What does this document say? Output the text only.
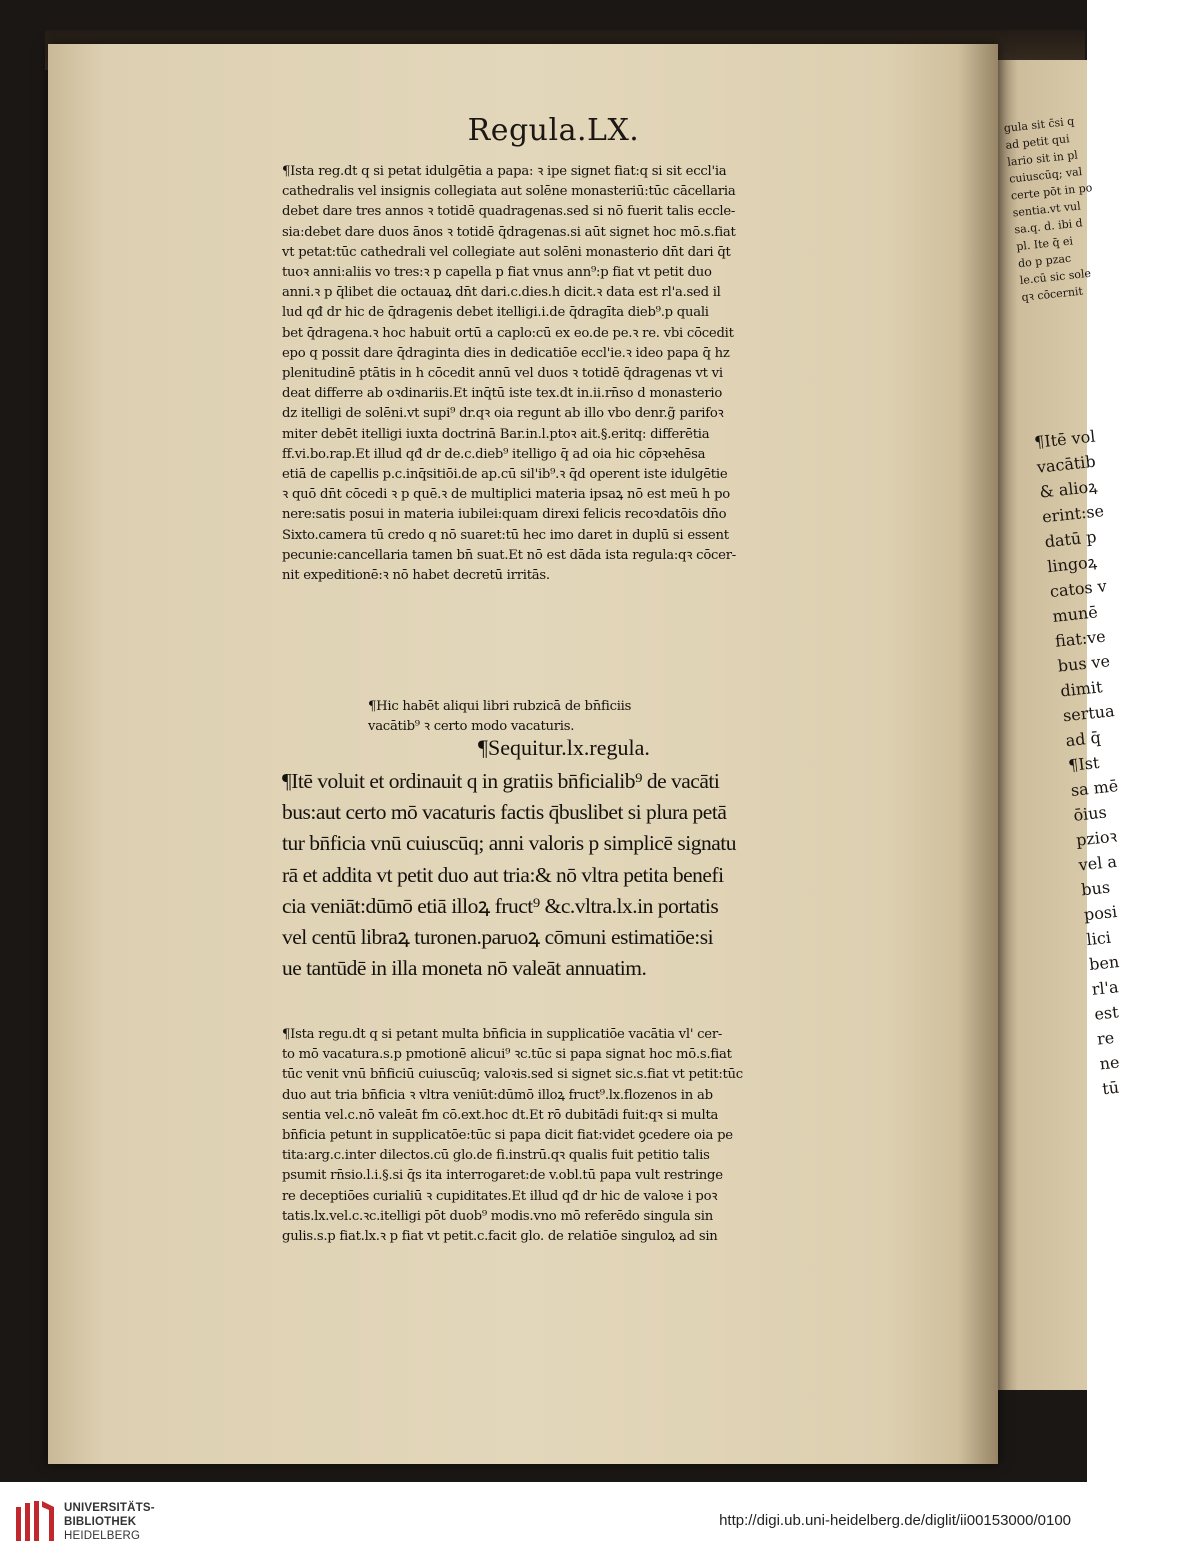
gula sit c̄si q
ad petit qui
lario sit in pl
cuiuscūq; val
certe pōt in po
sentia.vt vul
sa.q. d. ibi d
pl. Ite q̄ ei
do p pzac
le.cū sic sole
qꝛ cōcernit
¶Itē vol
vacātib
& alioꝝ
erint:se
datū p
lingoꝝ
catos v
munē
fiat:ve
bus ve
dimit
sertua
ad q̄
¶Ist
sa mē
ōius
pzioꝛ
vel a
bus
posi
lici
ben
rl'a
est
re
ne
tū
Regula.LX.
¶Ista reg.dt q si petat idulgētia a papa: ꝛ ipe signet fiat:q si sit eccl'ia
cathedralis vel insignis collegiata aut solēne monasteriū:tūc cācellaria
debet dare tres annos ꝛ totidē quadragenas.sed si nō fuerit talis eccle-
sia:debet dare duos ānos ꝛ totidē q̄dragenas.si aūt signet hoc mō.s.fiat
vt petat:tūc cathedrali vel collegiate aut solēni monasterio dn̄t dari q̄t
tuoꝛ anni:aliis vo tres:ꝛ p capella p fiat vnus ann⁹:p fiat vt petit duo
anni.ꝛ p q̄libet die octauaꝝ dn̄t dari.c.dies.h dicit.ꝛ data est rl'a.sed il
lud qđ dr hic de q̄dragenis debet itelligi.i.de q̄dragīta dieb⁹.p quali
bet q̄dragena.ꝛ hoc habuit ortū a caplo:cū ex eo.de pe.ꝛ re. vbi cōcedit
epo q possit dare q̄draginta dies in dedicatiōe eccl'ie.ꝛ ideo papa q̄ hz
plenitudinē ptātis in h cōcedit annū vel duos ꝛ totidē q̄dragenas vt vi
deat differre ab oꝛdinariis.Et inq̄tū iste tex.dt in.ii.rn̄so d monasterio
dz itelligi de solēni.vt supi⁹ dr.qꝛ oia regunt ab illo vbo denr.g̃ parifoꝛ
miter debēt itelligi iuxta doctrinā Bar.in.l.ptoꝛ ait.§.eritq: differētia
ff.vi.bo.rap.Et illud qđ dr de.c.dieb⁹ itelligo q̄ ad oia hic cōpꝛehēsa
etiā de capellis p.c.inq̄sitiōi.de ap.cū sil'ib⁹.ꝛ q̄d operent iste idulgētie
ꝛ quō dn̄t cōcedi ꝛ p quē.ꝛ de multiplici materia ipsaꝝ nō est meū h po
nere:satis posui in materia iubilei:quam direxi felicis recoꝛdatōis dn̄o
Sixto.camera tū credo q nō suaret:tū hec imo daret in duplū si essent
pecunie:cancellaria tamen bn̄ suat.Et nō est dāda ista regula:qꝛ cōcer-
nit expeditionē:ꝛ nō habet decretū irritās.
¶Hic habēt aliqui libri rubzicā de bn̄ficiis
vacātib⁹ ꝛ certo modo vacaturis.
¶Sequitur.lx.regula.
¶Itē voluit et ordinauit q in gratiis bn̄ficialib⁹ de vacāti
bus:aut certo mō vacaturis factis q̄buslibet si plura petā
tur bn̄ficia vnū cuiuscūq; anni valoris p simplicē signatu
rā et addita vt petit duo aut tria:& nō vltra petita benefi
cia veniāt:dūmō etiā illoꝝ fruct⁹ &c.vltra.lx.in portatis
vel centū libraꝝ turonen.paruoꝝ cōmuni estimatiōe:si
ue tantūdē in illa moneta nō valeāt annuatim.
¶Ista regu.dt q si petant multa bn̄ficia in supplicatiōe vacātia vl' cer-
to mō vacatura.s.p pmotionē alicui⁹ ꝛc.tūc si papa signat hoc mō.s.fiat
tūc venit vnū bn̄ficiū cuiuscūq; valoꝛis.sed si signet sic.s.fiat vt petit:tūc
duo aut tria bn̄ficia ꝛ vltra veniūt:dūmō illoꝝ fruct⁹.lx.flozenos in ab
sentia vel.c.nō valeāt fm cō.ext.hoc dt.Et rō dubitādi fuit:qꝛ si multa
bn̄ficia petunt in supplicatōe:tūc si papa dicit fiat:videt ꝯcedere oia pe
tita:arg.c.inter dilectos.cū glo.de fi.instrū.qꝛ qualis fuit petitio talis
psumit rn̄sio.l.i.§.si q̄s ita interrogaret:de v.obl.tū papa vult restringe
re deceptiōes curialiū ꝛ cupiditates.Et illud qđ dr hic de valoꝛe i poꝛ
tatis.lx.vel.c.ꝛc.itelligi pōt duob⁹ modis.vno mō referēdo singula sin
gulis.s.p fiat.lx.ꝛ p fiat vt petit.c.facit glo. de relatiōe singuloꝝ ad sin
UNIVERSITÄTS-
BIBLIOTHEK
HEIDELBERG
http://digi.ub.uni-heidelberg.de/diglit/ii00153000/0100
